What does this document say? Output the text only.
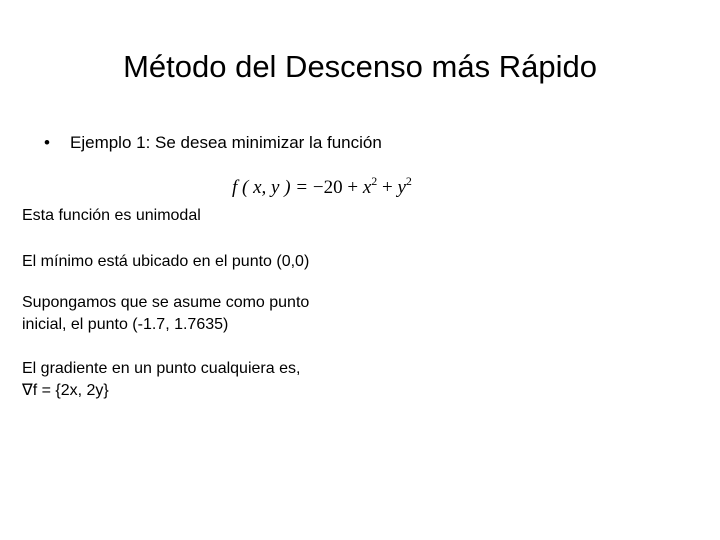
Método del Descenso más Rápido
• Ejemplo 1: Se desea minimizar la función
f ( x, y ) = $-20 + x^2 + y^2$
Esta función es unimodal
El mínimo está ubicado en el punto (0,0)
Supongamos que se asume como punto
inicial, el punto (-1.7, 1.7635)
El gradiente en un punto cualquiera es,
∇f = {2x, 2y}
